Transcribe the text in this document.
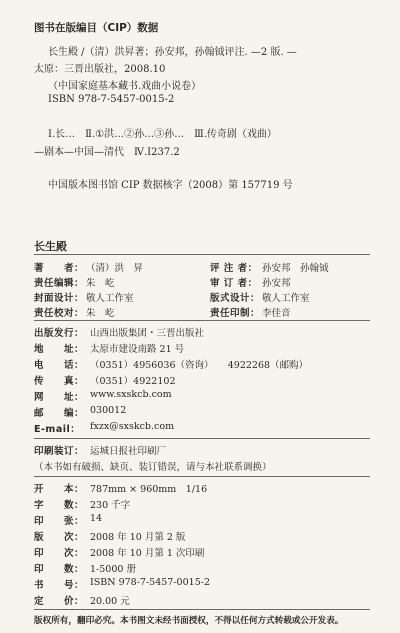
图书在版编目（CIP）数据
长生殿 /（清）洪昇著；孙安邦，孙翰钺评注. —2 版. —
太原：三晋出版社，2008.10
（中国家庭基本藏书.戏曲小说卷）
ISBN 978-7-5457-0015-2
Ⅰ.长…　Ⅱ.①洪…②孙…③孙…　Ⅲ.传奇剧（戏曲）
—剧本—中国—清代　Ⅳ.I237.2
中国版本图书馆 CIP 数据核字（2008）第 157719 号
长生殿
著　　者： （清）洪　昇	评 注 者： 孙安邦　孙翰钺
责任编辑： 朱　屹	审 订 者： 孙安邦
封面设计： 敬人工作室	版式设计： 敬人工作室
责任校对： 朱　屹	责任印制： 李佳音
出版发行： 山西出版集团・三晋出版社
地　　址： 太原市建设南路 21 号
电　　话： （0351）4956036（咨询）　　4922268（邮购）
传　　真： （0351）4922102
网　　址： www.sxskcb.com
邮　　编： 030012
E-mail： fxzx@sxskcb.com
印刷装订： 运城日报社印刷厂
（本书如有破损、缺页、装订错误，请与本社联系调换）
开　　本： 787mm × 960mm　1/16
字　　数： 230 千字
印　　张： 14
版　　次： 2008 年 10 月第 2 版
印　　次： 2008 年 10 月第 1 次印刷
印　　数： 1-5000 册
书　　号： ISBN 978-7-5457-0015-2
定　　价： 20.00 元
版权所有，翻印必究。本书图文未经书面授权，不得以任何方式转载或公开发表。
